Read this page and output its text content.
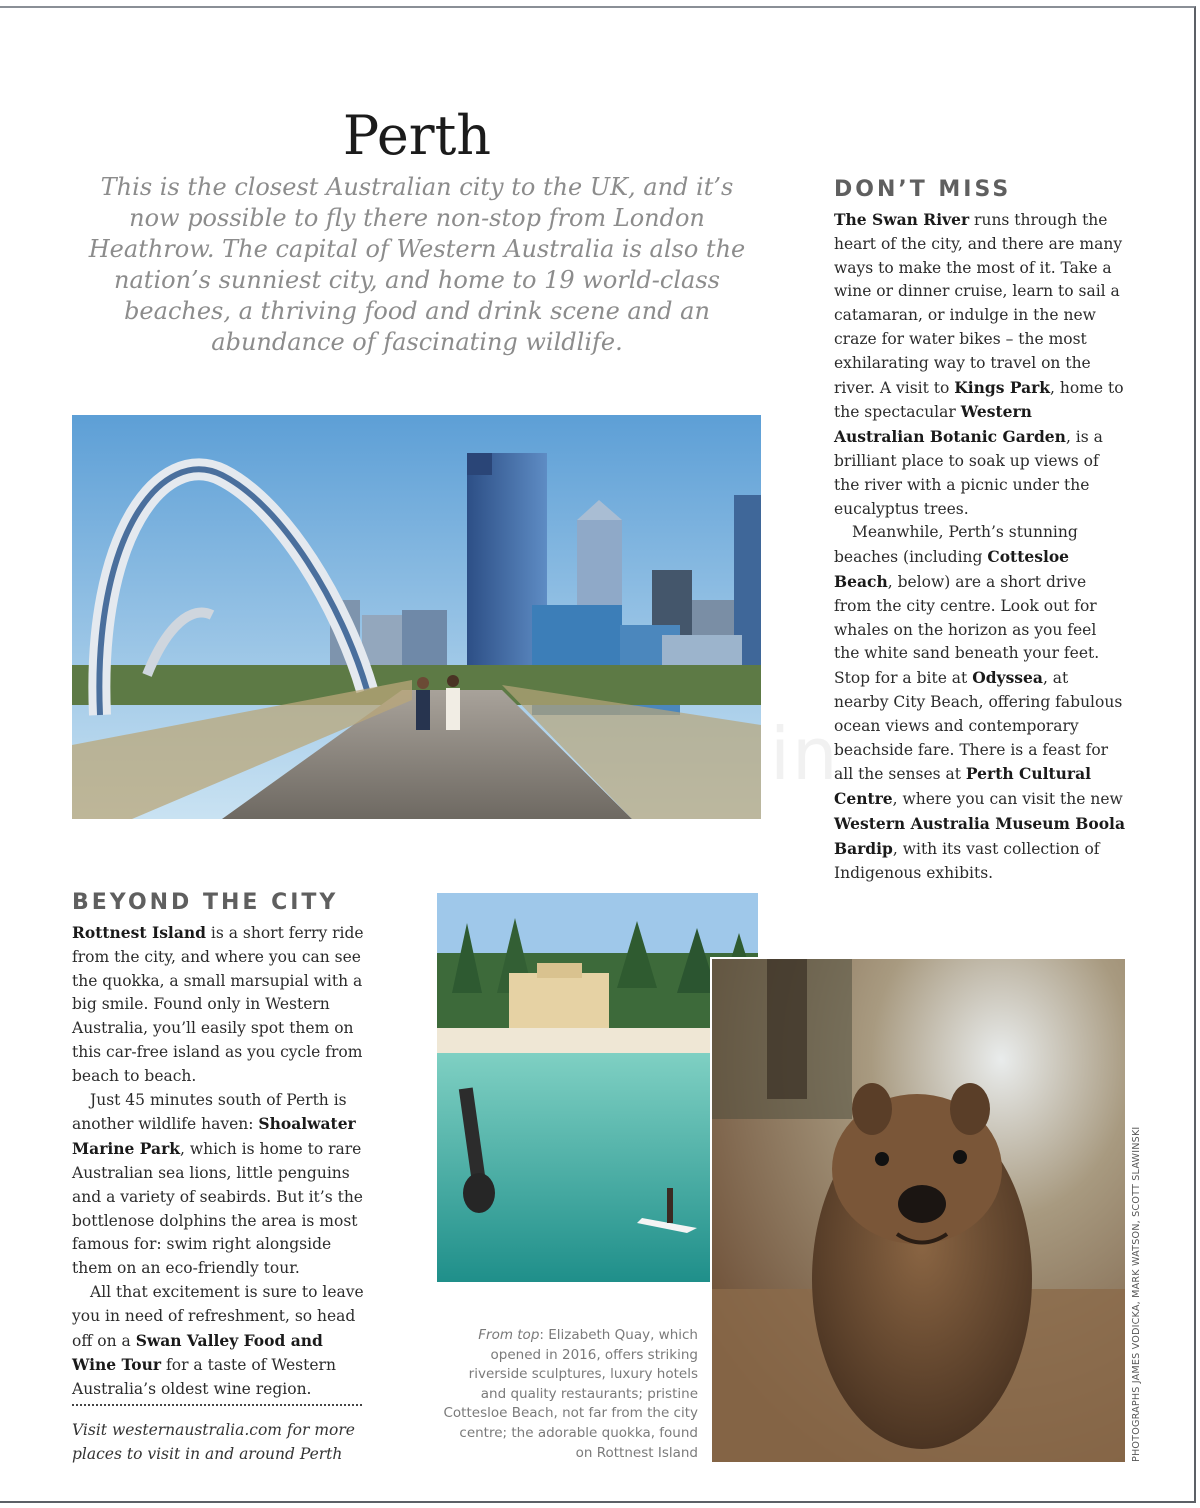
Perth

This is the closest Australian city to the UK, and it’s now possible to fly there non-stop from London Heathrow. The capital of Western Australia is also the nation’s sunniest city, and home to 19 world-class beaches, a thriving food and drink scene and an abundance of fascinating wildlife.

DON’T MISS

The Swan River runs through the heart of the city, and there are many ways to make the most of it. Take a wine or dinner cruise, learn to sail a catamaran, or indulge in the new craze for water bikes – the most exhilarating way to travel on the river. A visit to Kings Park, home to the spectacular Western Australian Botanic Garden, is a brilliant place to soak up views of the river with a picnic under the eucalyptus trees.

Meanwhile, Perth’s stunning beaches (including Cottesloe Beach, below) are a short drive from the city centre. Look out for whales on the horizon as you feel the white sand beneath your feet. Stop for a bite at Odyssea, at nearby City Beach, offering fabulous ocean views and contemporary beachside fare. There is a feast for all the senses at Perth Cultural Centre, where you can visit the new Western Australia Museum Boola Bardip, with its vast collection of Indigenous exhibits.

in
BEYOND THE CITY

Rottnest Island is a short ferry ride from the city, and where you can see the quokka, a small marsupial with a big smile. Found only in Western Australia, you’ll easily spot them on this car-free island as you cycle from beach to beach.

Just 45 minutes south of Perth is another wildlife haven: Shoalwater Marine Park, which is home to rare Australian sea lions, little penguins and a variety of seabirds. But it’s the bottlenose dolphins the area is most famous for: swim right alongside them on an eco-friendly tour.

All that excitement is sure to leave you in need of refreshment, so head off on a Swan Valley Food and Wine Tour for a taste of Western Australia’s oldest wine region.

Visit westernaustralia.com for more places to visit in and around Perth
From top: Elizabeth Quay, which opened in 2016, offers striking riverside sculptures, luxury hotels and quality restaurants; pristine Cottesloe Beach, not far from the city centre; the adorable quokka, found on Rottnest Island	PHOTOGRAPHS JAMES VODICKA, MARK WATSON, SCOTT SLAWINSKI
